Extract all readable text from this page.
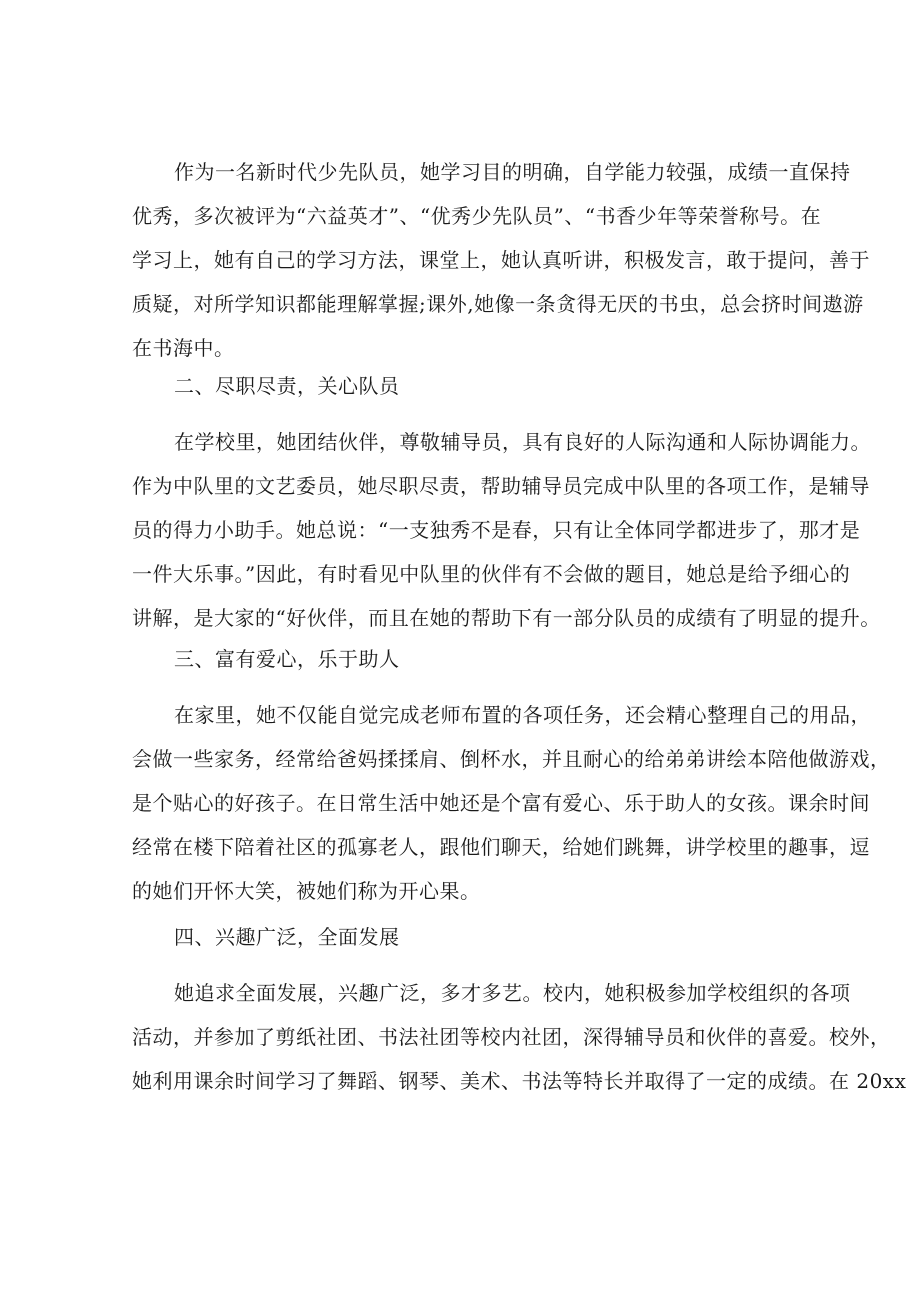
作为一名新时代少先队员，她学习目的明确，自学能力较强，成绩一直保持
优秀，多次被评为“六益英才”、“优秀少先队员”、“书香少年等荣誉称号。在
学习上，她有自己的学习方法，课堂上，她认真听讲，积极发言，敢于提问，善于
质疑，对所学知识都能理解掌握;课外,她像一条贪得无厌的书虫，总会挤时间遨游
在书海中。
二、尽职尽责，关心队员
在学校里，她团结伙伴，尊敬辅导员，具有良好的人际沟通和人际协调能力。
作为中队里的文艺委员，她尽职尽责，帮助辅导员完成中队里的各项工作，是辅导
员的得力小助手。她总说：“一支独秀不是春，只有让全体同学都进步了，那才是
一件大乐事。”因此，有时看见中队里的伙伴有不会做的题目，她总是给予细心的
讲解，是大家的“好伙伴，而且在她的帮助下有一部分队员的成绩有了明显的提升。
三、富有爱心，乐于助人
在家里，她不仅能自觉完成老师布置的各项任务，还会精心整理自己的用品，
会做一些家务，经常给爸妈揉揉肩、倒杯水，并且耐心的给弟弟讲绘本陪他做游戏，
是个贴心的好孩子。在日常生活中她还是个富有爱心、乐于助人的女孩。课余时间
经常在楼下陪着社区的孤寡老人，跟他们聊天，给她们跳舞，讲学校里的趣事，逗
的她们开怀大笑，被她们称为开心果。
四、兴趣广泛，全面发展
她追求全面发展，兴趣广泛，多才多艺。校内，她积极参加学校组织的各项
活动，并参加了剪纸社团、书法社团等校内社团，深得辅导员和伙伴的喜爱。校外，
她利用课余时间学习了舞蹈、钢琴、美术、书法等特长并取得了一定的成绩。在 20xx
